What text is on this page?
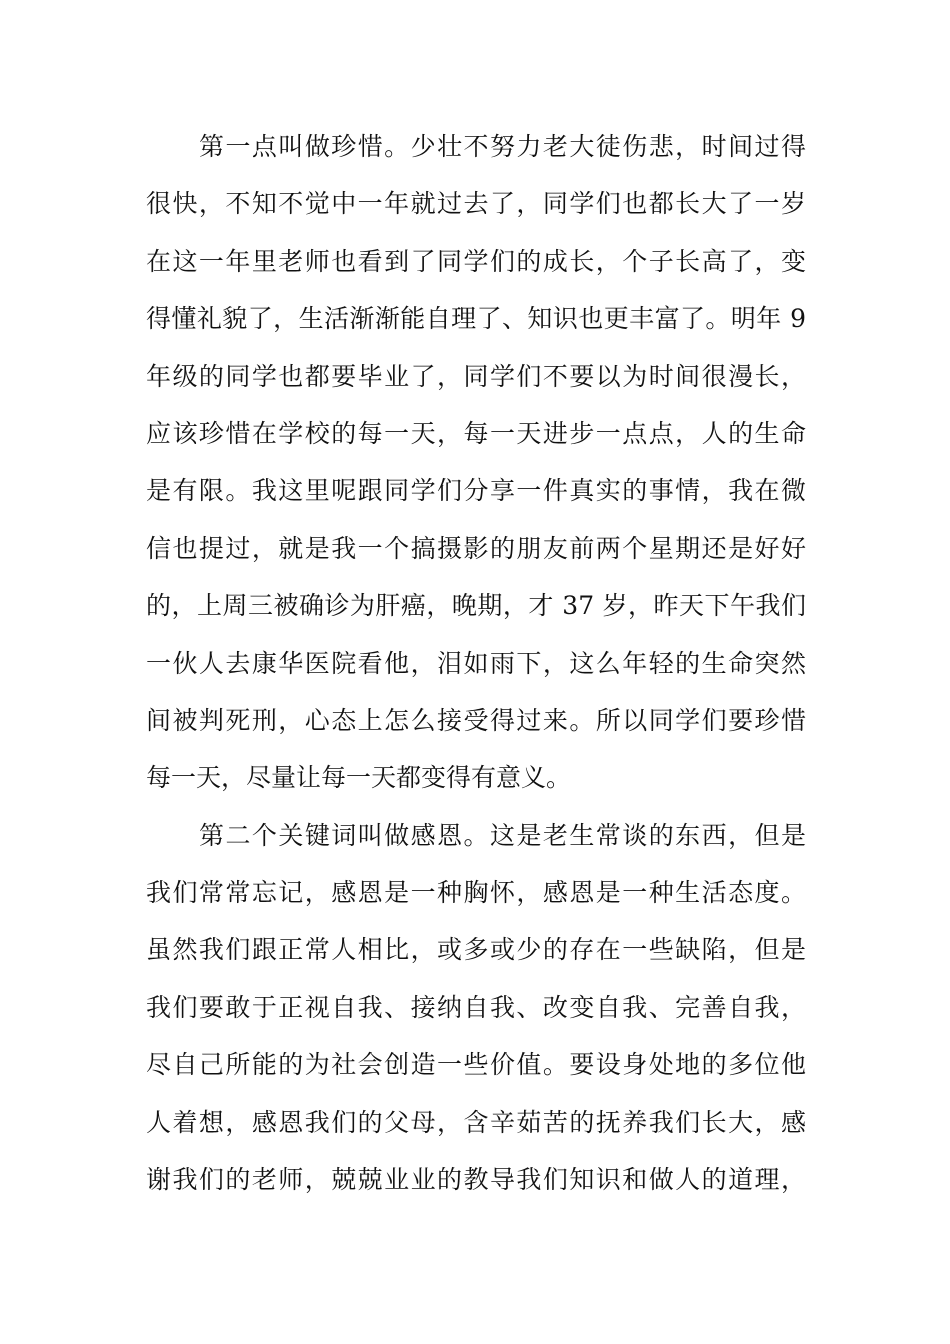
第一点叫做珍惜。少壮不努力老大徒伤悲，时间过得
很快，不知不觉中一年就过去了，同学们也都长大了一岁
在这一年里老师也看到了同学们的成长，个子长高了，变
得懂礼貌了，生活渐渐能自理了、知识也更丰富了。明年 9
年级的同学也都要毕业了，同学们不要以为时间很漫长，
应该珍惜在学校的每一天，每一天进步一点点，人的生命
是有限。我这里呢跟同学们分享一件真实的事情，我在微
信也提过，就是我一个搞摄影的朋友前两个星期还是好好
的，上周三被确诊为肝癌，晚期，才 37 岁，昨天下午我们
一伙人去康华医院看他，泪如雨下，这么年轻的生命突然
间被判死刑，心态上怎么接受得过来。所以同学们要珍惜
每一天，尽量让每一天都变得有意义。
第二个关键词叫做感恩。这是老生常谈的东西，但是
我们常常忘记，感恩是一种胸怀，感恩是一种生活态度。
虽然我们跟正常人相比，或多或少的存在一些缺陷，但是
我们要敢于正视自我、接纳自我、改变自我、完善自我，
尽自己所能的为社会创造一些价值。要设身处地的多位他
人着想，感恩我们的父母，含辛茹苦的抚养我们长大，感
谢我们的老师，兢兢业业的教导我们知识和做人的道理，
